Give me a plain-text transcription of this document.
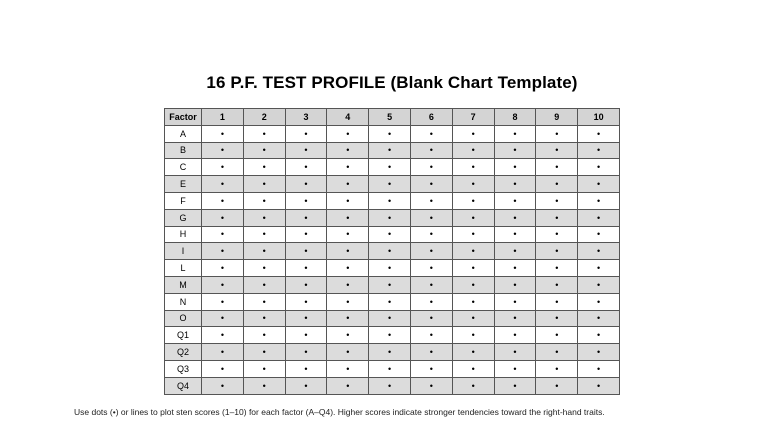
16 P.F. TEST PROFILE (Blank Chart Template)
Factor	1	2	3	4	5	6	7	8	9	10
A	•	•	•	•	•	•	•	•	•	•
B	•	•	•	•	•	•	•	•	•	•
C	•	•	•	•	•	•	•	•	•	•
E	•	•	•	•	•	•	•	•	•	•
F	•	•	•	•	•	•	•	•	•	•
G	•	•	•	•	•	•	•	•	•	•
H	•	•	•	•	•	•	•	•	•	•
I	•	•	•	•	•	•	•	•	•	•
L	•	•	•	•	•	•	•	•	•	•
M	•	•	•	•	•	•	•	•	•	•
N	•	•	•	•	•	•	•	•	•	•
O	•	•	•	•	•	•	•	•	•	•
Q1	•	•	•	•	•	•	•	•	•	•
Q2	•	•	•	•	•	•	•	•	•	•
Q3	•	•	•	•	•	•	•	•	•	•
Q4	•	•	•	•	•	•	•	•	•	•
Use dots (•) or lines to plot sten scores (1–10) for each factor (A–Q4). Higher scores indicate stronger tendencies toward the right-hand traits.
